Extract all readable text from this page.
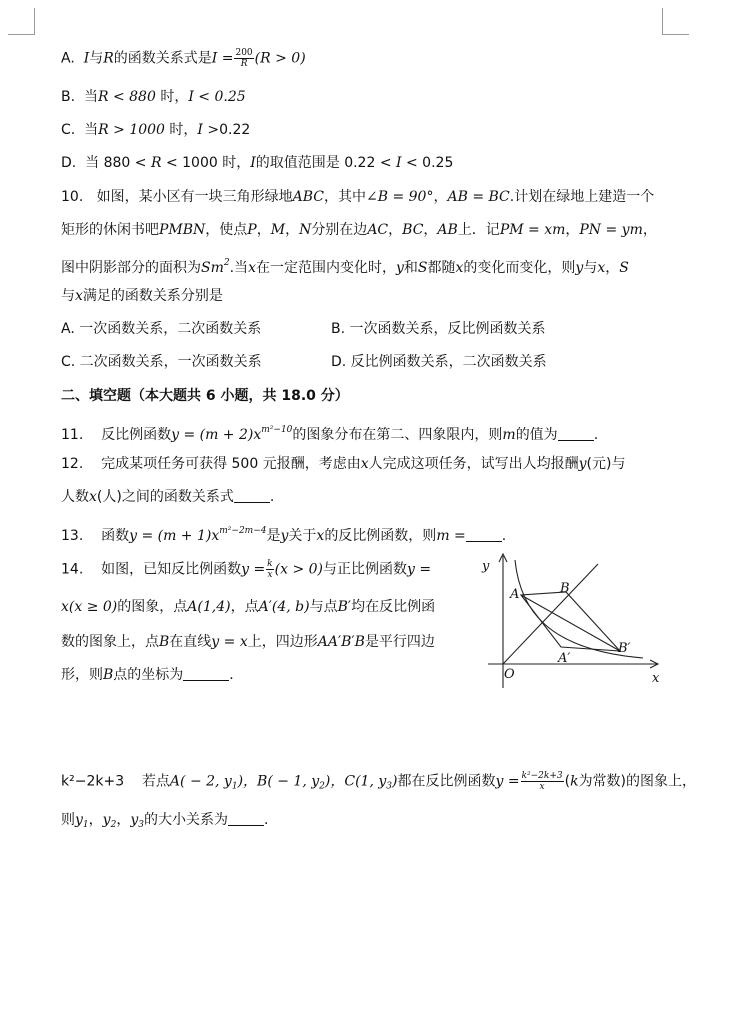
A. I与R的函数关系式是$I = \frac{200}{R} (R > 0)$
B. 当R < 880 时，I < 0.25
C. 当R > 1000 时，I >0.22
D. 当 880 < R < 1000 时，I的取值范围是 0.22 < I < 0.25
10. 如图，某小区有一块三角形绿地ABC，其中∠B = 90°，AB = BC.计划在绿地上建造一个
矩形的休闲书吧PMBN，使点P，M，N分别在边AC，BC，AB上．记PM = xm，PN = ym，
图中阴影部分的面积为Sm$^2$.当x在一定范围内变化时，y和S都随x的变化而变化，则y与x，S
与x满足的函数关系分别是
A. 一次函数关系，二次函数关系	B. 一次函数关系，反比例函数关系
C. 二次函数关系，一次函数关系	D. 反比例函数关系，二次函数关系
二、填空题（本大题共 6 小题，共 18.0 分）
11. 反比例函数$y = (m + 2)x^{m^2-10}$的图象分布在第二、四象限内，则m的值为	.
12. 完成某项任务可获得 500 元报酬，考虑由x人完成这项任务，试写出人均报酬y(元)与
人数x(人)之间的函数关系式	.
13. 函数$y = (m + 1)x^{m^2-2m-4}$是y关于x的反比例函数，则m =	.
14. 如图，已知反比例函数$y = \frac{k}{x} (x > 0)$与正比例函数y =
x(x ≥ 0)的图象，点A(1,4)，点A′(4, b)与点B′均在反比例函
数的图象上，点B在直线y = x上，四边形AA′B′B是平行四边
形，则B点的坐标为	.
y
x
O
A	B
A′
B′
k²−2k+3 若点A( − 2, $y_1$)，B( − 1, $y_2$)，C(1, $y_3$)都在反比例函数$y = \frac{\text{k²−2k+3}}{x} (k$为常数)的图象上，
则$y_1$，$y_2$，$y_3$的大小关系为	.
